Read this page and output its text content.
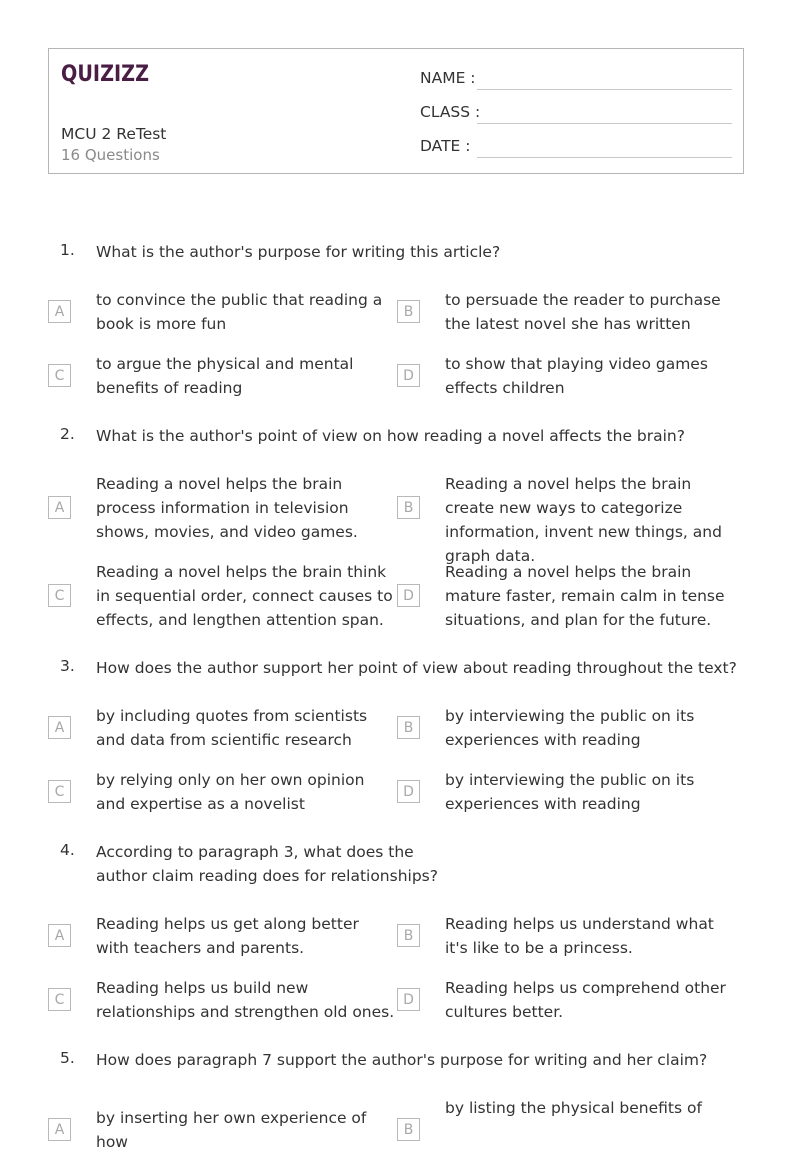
QUIZIZZ
MCU 2 ReTest
16 Questions
NAME :
CLASS :
DATE :
1. What is the author's purpose for writing this article?
A
to convince the public that reading a book is more fun
B
to persuade the reader to purchase the latest novel she has written
C
to argue the physical and mental benefits of reading
D
to show that playing video games effects children
2. What is the author's point of view on how reading a novel affects the brain?
A
Reading a novel helps the brain process information in television shows, movies, and video games.
B
Reading a novel helps the brain create new ways to categorize information, invent new things, and graph data.
C
Reading a novel helps the brain think in sequential order, connect causes to effects, and lengthen attention span.
D
Reading a novel helps the brain mature faster, remain calm in tense situations, and plan for the future.
3. How does the author support her point of view about reading throughout the text?
A
by including quotes from scientists and data from scientific research
B
by interviewing the public on its experiences with reading
C
by relying only on her own opinion and expertise as a novelist
D
by interviewing the public on its experiences with reading
4. According to paragraph 3, what does the author claim reading does for relationships?
A
Reading helps us get along better with teachers and parents.
B
Reading helps us understand what it's like to be a princess.
C
Reading helps us build new relationships and strengthen old ones.
D
Reading helps us comprehend other cultures better.
5. How does paragraph 7 support the author's purpose for writing and her claim?
A
by inserting her own experience of how
B
by listing the physical benefits of
